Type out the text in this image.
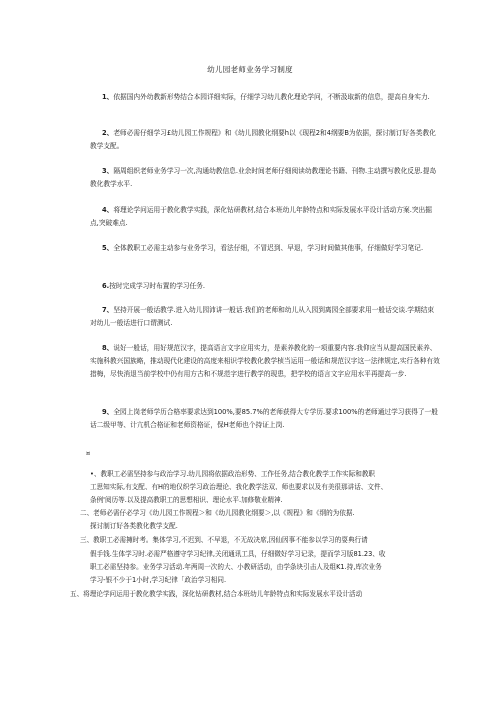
幼儿园老师业务学习制度

1、依据国内外幼教新形势结合本园详细实际，仔细学习幼儿教化理论学问，不断汲取新的信息，提高自身实力.

2、老师必需仔细学习£幼儿园工作规程》和《幼儿园教化纲要h以《现程2和4纲要B为依据，探讨制订好各类教化教学支配。

3、隔周组织老师业务学习一次,沟通幼教信息.业余时间老师仔细阅读幼教理论书籍、刊物.主动撰写教化反思.提岛教化教学水平.

4、将理论学问运用于教化教学实践，深化钻研教材,结合本班幼儿年龄特点和实际发展水平设计活动方案.突出掘点,突破难点.

5、全体教职工必需主动参与业务学习，看法仔细，不冒迟到、早退，学习时间做其他事，仔细做好学习笔记.

6.按时完成学习时布置的学习任务.

7、坚持开展一般话教学.进入幼儿园沛讲一般话.我们的老师和幼儿从入园到离园全部要求用一般话交谈.学期结束对幼儿一般话进行口谓测试.

8、说好一般话，用好规范汉字，提高语言文字应用实力，是素养教化的一项重要内容.我仰应当从提高国民素养、实施科教兴国族略，推动现代化建设的高度来相识学校教化教学桢当运用一般话和规范汉字这一法律规定,实行各种有效措梅，尽快消退当前学校中仍有用方古和不规范字进行教学的现患，把学校的语言文字应用水平再提高一步.

9、全园上岗老师学历合格率要求达到100%,要85.7%的老师获得大专学历.要求100%的老师通过学习获得了一般话二级甲等、计亢机合格证和老师资格证，保H老师也个持证上岗.

¤

•、教职工必需坚持参与政治学习.幼儿园将依据政治形势、工作任务,结合教化教学工作实际和教职

工思知实际,有支配、有H的地仅织学习政治理论、我化教学法双、师也要求以及有美很那讲话、文件、

条例'阅历等.以及提高教职工的思想相识、理论水平.加修敬业精神.

二、老师必需仔必学习《幼儿园工作规程＞和《幼儿园教化纲要＞,以《规程》和《纲的为依据.

探讨制订好各类教化教学支配.

三、教职工必需擁时考。集体学习,不迟到、不早退，不无故决席,因仙因事不能参以学习的耍典行请

假手钱.生体学习时.必需严格遵守学习纪律,关闭通讯工具，仔细微好学习记录，提而学习版81.23、收

职工必需坚持参。业务学习活动.年两周一次的大、小教研活动，由学条块引击人及组K1.持,库次业务

学习-银不少于1小时,学习纪律「政治学习相同.

五、将理论学问运用于教化教学实践，深化钻研教材,结合本班幼儿年龄特点和实际发展水平设计活动
